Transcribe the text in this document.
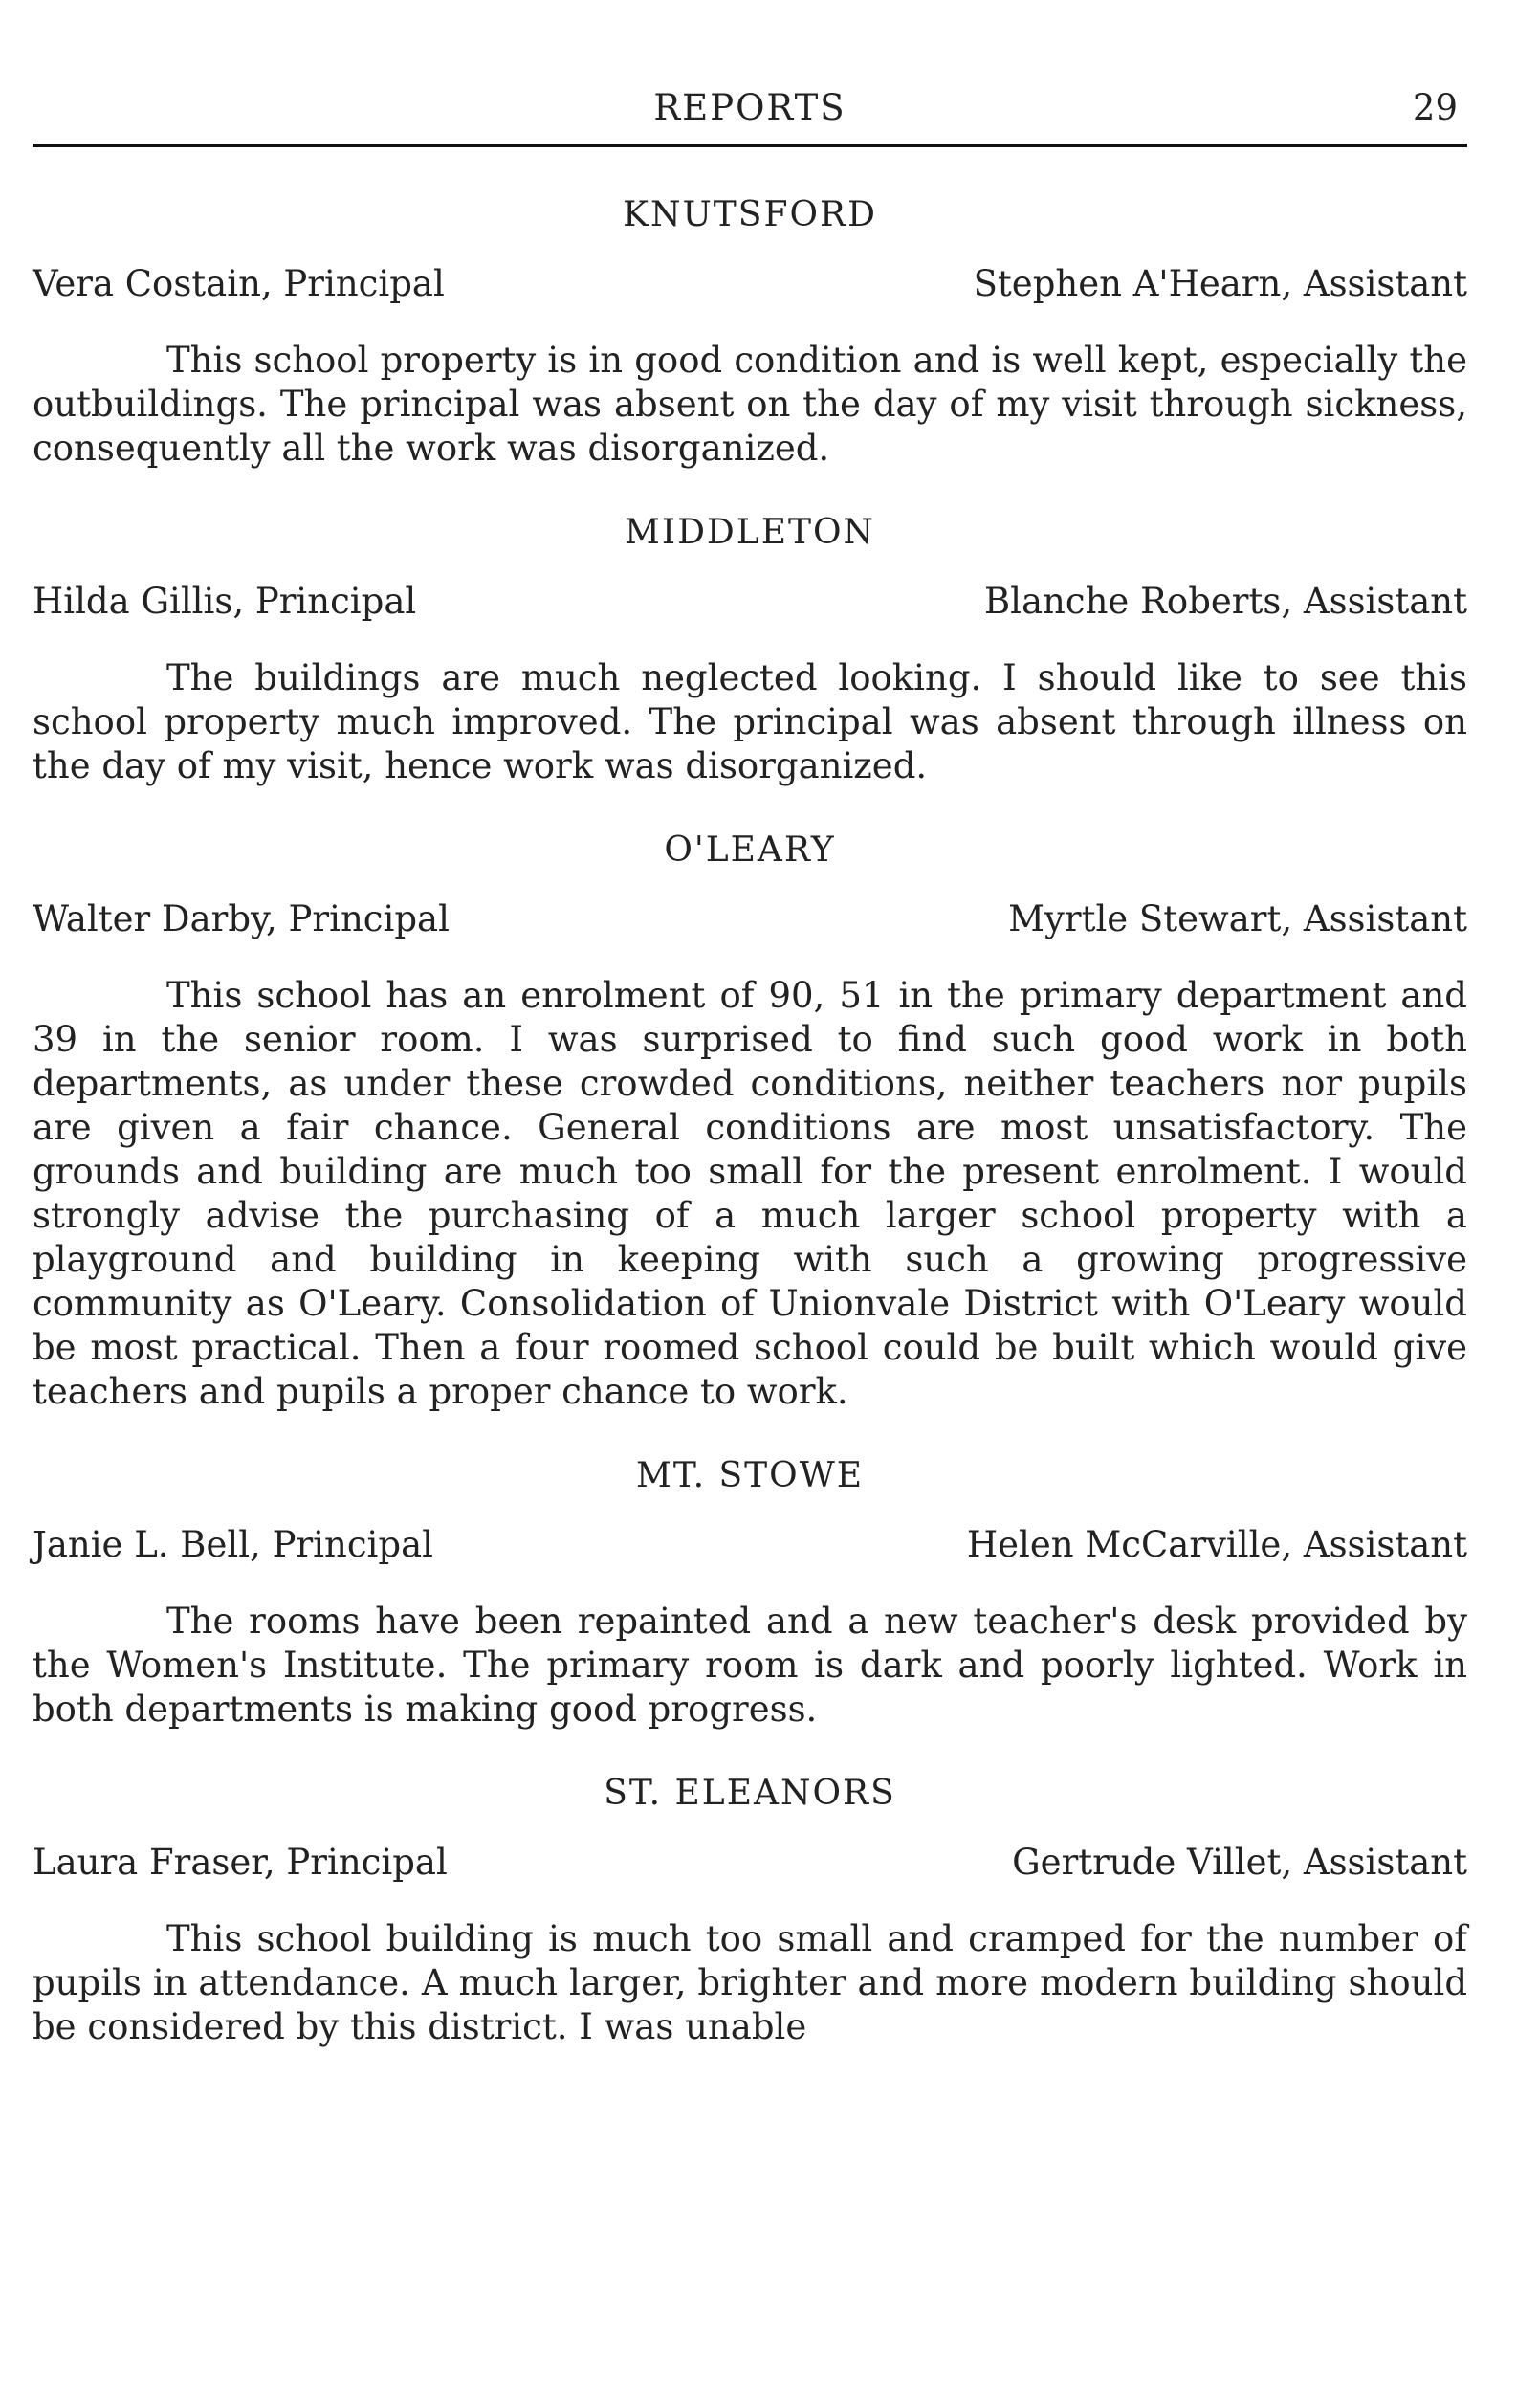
REPORTS	29
KNUTSFORD
Vera Costain, Principal	Stephen A'Hearn, Assistant

This school property is in good condition and is well kept, especially the outbuildings. The principal was absent on the day of my visit through sickness, consequently all the work was disorganized.

MIDDLETON
Hilda Gillis, Principal	Blanche Roberts, Assistant

The buildings are much neglected looking. I should like to see this school property much improved. The principal was absent through illness on the day of my visit, hence work was disorganized.

O'LEARY
Walter Darby, Principal	Myrtle Stewart, Assistant

This school has an enrolment of 90, 51 in the primary department and 39 in the senior room. I was surprised to find such good work in both departments, as under these crowded conditions, neither teachers nor pupils are given a fair chance. General conditions are most unsatisfactory. The grounds and building are much too small for the present enrolment. I would strongly advise the purchasing of a much larger school property with a playground and building in keeping with such a growing progressive community as O'Leary. Consolidation of Unionvale District with O'Leary would be most practical. Then a four roomed school could be built which would give teachers and pupils a proper chance to work.

MT. STOWE
Janie L. Bell, Principal	Helen McCarville, Assistant

The rooms have been repainted and a new teacher's desk provided by the Women's Institute. The primary room is dark and poorly lighted. Work in both departments is making good progress.

ST. ELEANORS
Laura Fraser, Principal	Gertrude Villet, Assistant

This school building is much too small and cramped for the number of pupils in attendance. A much larger, brighter and more modern building should be considered by this district. I was unable
